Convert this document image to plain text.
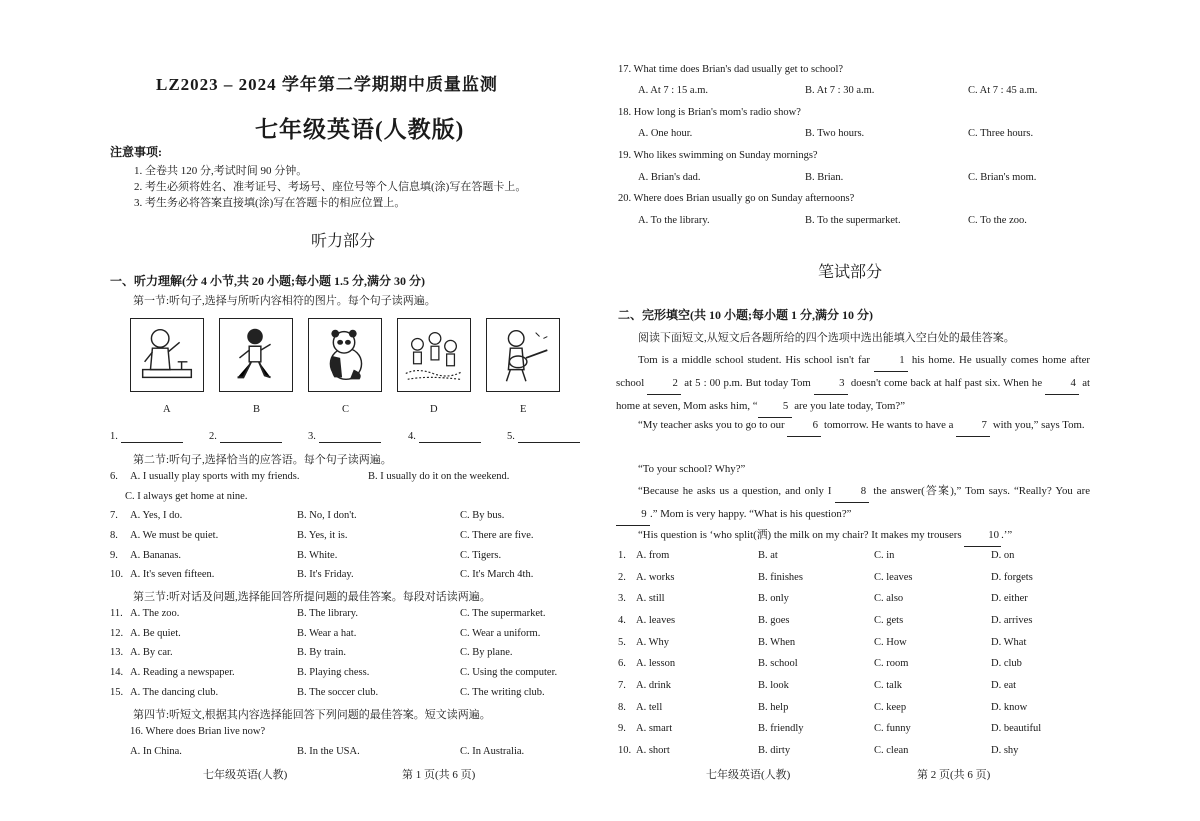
LZ2023 – 2024 学年第二学期期中质量监测
七年级英语(人教版)
注意事项:
1. 全卷共 120 分,考试时间 90 分钟。
2. 考生必须将姓名、准考证号、考场号、座位号等个人信息填(涂)写在答题卡上。
3. 考生务必将答案直接填(涂)写在答题卡的相应位置上。
听力部分
一、听力理解(分 4 小节,共 20 小题;每小题 1.5 分,满分 30 分)
第一节:听句子,选择与所听内容相符的图片。每个句子读两遍。
A	B	C	D	E
1.	2.	3.	4.	5.
第二节:听句子,选择恰当的应答语。每个句子读两遍。
6. A. I usually play sports with my friends.	B. I usually do it on the weekend.
C. I always get home at nine.
7. A. Yes, I do.	B. No, I don't.	C. By bus.
8. A. We must be quiet.	B. Yes, it is.	C. There are five.
9. A. Bananas.	B. White.	C. Tigers.
10. A. It's seven fifteen.	B. It's Friday.	C. It's March 4th.
第三节:听对话及问题,选择能回答所提问题的最佳答案。每段对话读两遍。
11. A. The zoo.	B. The library.	C. The supermarket.
12. A. Be quiet.	B. Wear a hat.	C. Wear a uniform.
13. A. By car.	B. By train.	C. By plane.
14. A. Reading a newspaper.	B. Playing chess.	C. Using the computer.
15. A. The dancing club.	B. The soccer club.	C. The writing club.
第四节:听短文,根据其内容选择能回答下列问题的最佳答案。短文读两遍。
16. Where does Brian live now?
A. In China.	B. In the USA.	C. In Australia.
七年级英语(人教)	第 1 页(共 6 页)
17. What time does Brian's dad usually get to school?
A. At 7 : 15 a.m.	B. At 7 : 30 a.m.	C. At 7 : 45 a.m.
18. How long is Brian's mom's radio show?
A. One hour.	B. Two hours.	C. Three hours.
19. Who likes swimming on Sunday mornings?
A. Brian's dad.	B. Brian.	C. Brian's mom.
20. Where does Brian usually go on Sunday afternoons?
A. To the library.	B. To the supermarket.	C. To the zoo.
笔试部分
二、完形填空(共 10 小题;每小题 1 分,满分 10 分)
阅读下面短文,从短文后各题所给的四个选项中选出能填入空白处的最佳答案。
Tom is a middle school student. His school isn't far	1 his home. He usually comes home after school	2 at 5 : 00 p.m. But today Tom	3 doesn't come back at half past six. When he	4 at home at seven, Mom asks him, “ 5 are you late today, Tom?”
“My teacher asks you to go to our	6 tomorrow. He wants to have a	7 with you,” says Tom.
“To your school? Why?”
“Because he asks us a question, and only I	8 the answer(答案),” Tom says. “Really? You are 9 .” Mom is very happy. “What is his question?”
“His question is ‘who split(洒) the milk on my chair? It makes my trousers 10 .’”
1. A. from	B. at	C. in	D. on
2. A. works	B. finishes	C. leaves	D. forgets
3. A. still	B. only	C. also	D. either
4. A. leaves	B. goes	C. gets	D. arrives
5. A. Why	B. When	C. How	D. What
6. A. lesson	B. school	C. room	D. club
7. A. drink	B. look	C. talk	D. eat
8. A. tell	B. help	C. keep	D. know
9. A. smart	B. friendly	C. funny	D. beautiful
10. A. short	B. dirty	C. clean	D. shy
七年级英语(人教)	第 2 页(共 6 页)
